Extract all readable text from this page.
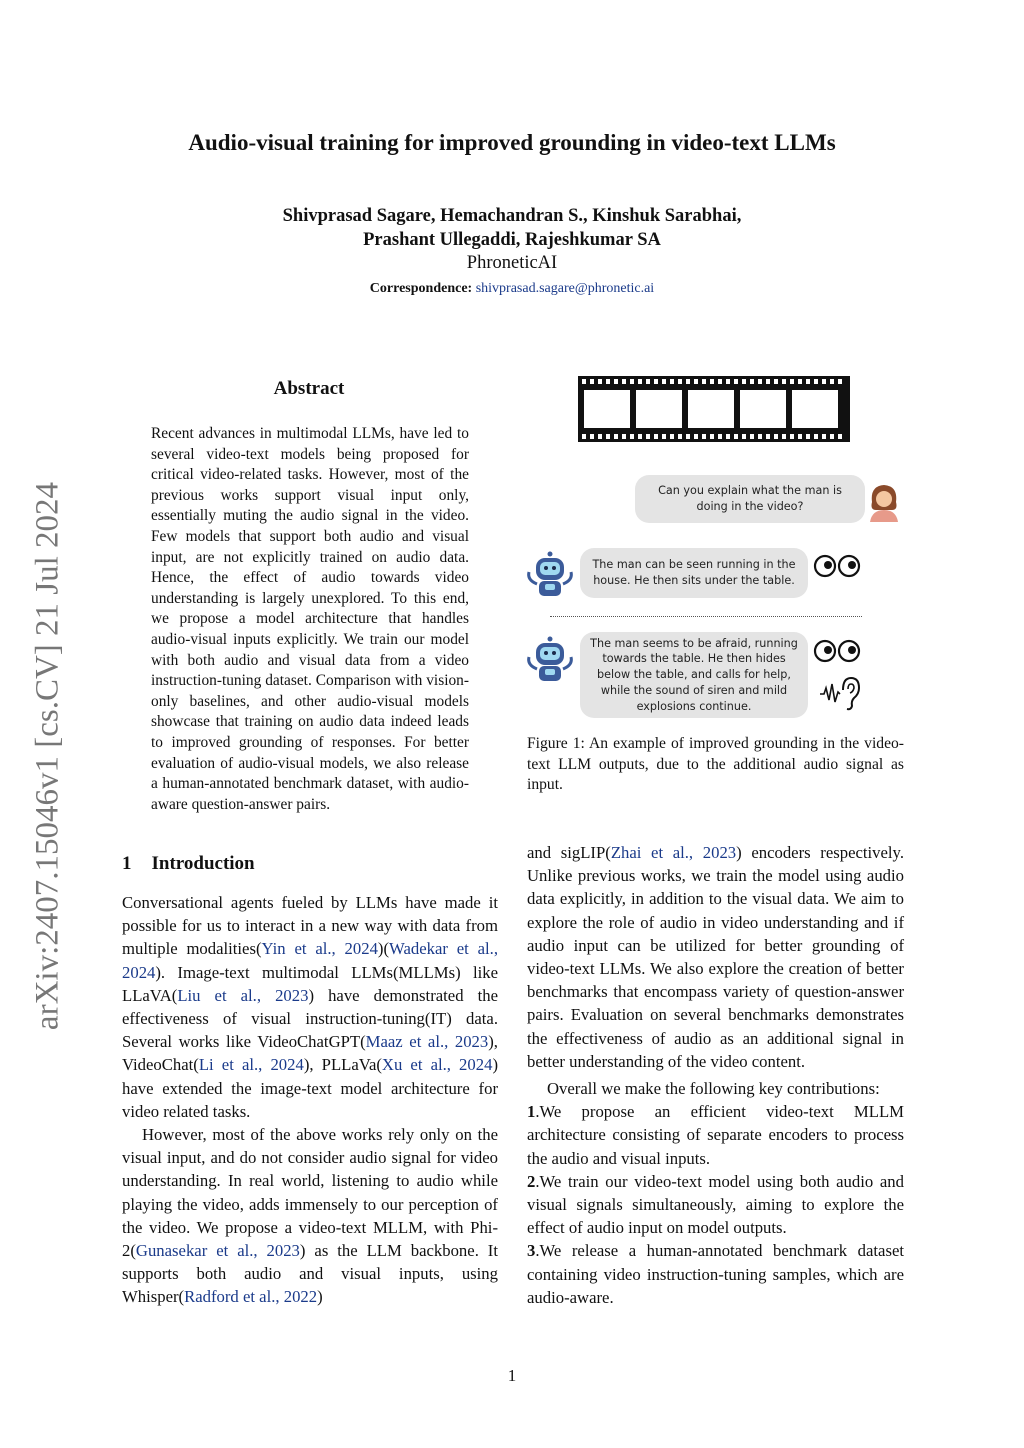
Audio-visual training for improved grounding in video-text LLMs
Shivprasad Sagare, Hemachandran S., Kinshuk Sarabhai,
Prashant Ullegaddi, Rajeshkumar SA
PhroneticAI
Correspondence: shivprasad.sagare@phronetic.ai
arXiv:2407.15046v1 [cs.CV] 21 Jul 2024
Abstract
Recent advances in multimodal LLMs, have led to several video-text models being proposed for critical video-related tasks. However, most of the previous works support visual input only, essentially muting the audio signal in the video. Few models that support both audio and visual input, are not explicitly trained on audio data. Hence, the effect of audio towards video understanding is largely unexplored. To this end, we propose a model architecture that handles audio-visual inputs explicitly. We train our model with both audio and visual data from a video instruction-tuning dataset. Comparison with vision-only baselines, and other audio-visual models showcase that training on audio data indeed leads to improved grounding of responses. For better evaluation of audio-visual models, we also release a human-annotated benchmark dataset, with audio-aware question-answer pairs.
1 Introduction

Conversational agents fueled by LLMs have made it possible for us to interact in a new way with data from multiple modalities(Yin et al., 2024)(Wadekar et al., 2024). Image-text multimodal LLMs(MLLMs) like LLaVA(Liu et al., 2023) have demonstrated the effectiveness of visual instruction-tuning(IT) data. Several works like VideoChatGPT(Maaz et al., 2023), VideoChat(Li et al., 2024), PLLaVa(Xu et al., 2024) have extended the image-text model architecture for video related tasks.

However, most of the above works rely only on the visual input, and do not consider audio signal for video understanding. In real world, listening to audio while playing the video, adds immensely to our perception of the video. We propose a video-text MLLM, with Phi-2(Gunasekar et al., 2023) as the LLM backbone. It supports both audio and visual inputs, using Whisper(Radford et al., 2022)

and sigLIP(Zhai et al., 2023) encoders respectively. Unlike previous works, we train the model using audio data explicitly, in addition to the visual data. We aim to explore the role of audio in video understanding and if audio input can be utilized for better grounding of video-text LLMs. We also explore the creation of better benchmarks that encompass variety of question-answer pairs. Evaluation on several benchmarks demonstrates the effectiveness of audio as an additional signal in better understanding of the video content.

Overall we make the following key contributions:

1.We propose an efficient video-text MLLM architecture consisting of separate encoders to process the audio and visual inputs.

2.We train our video-text model using both audio and visual signals simultaneously, aiming to explore the effect of audio input on model outputs.

3.We release a human-annotated benchmark dataset containing video instruction-tuning samples, which are audio-aware.

Can you explain what the man is doing in the video?
The man can be seen running in the house. He then sits under the table.
The man seems to be afraid, running towards the table. He then hides below the table, and calls for help, while the sound of siren and mild explosions continue.
Figure 1: An example of improved grounding in the video-text LLM outputs, due to the additional audio signal as input.
1
